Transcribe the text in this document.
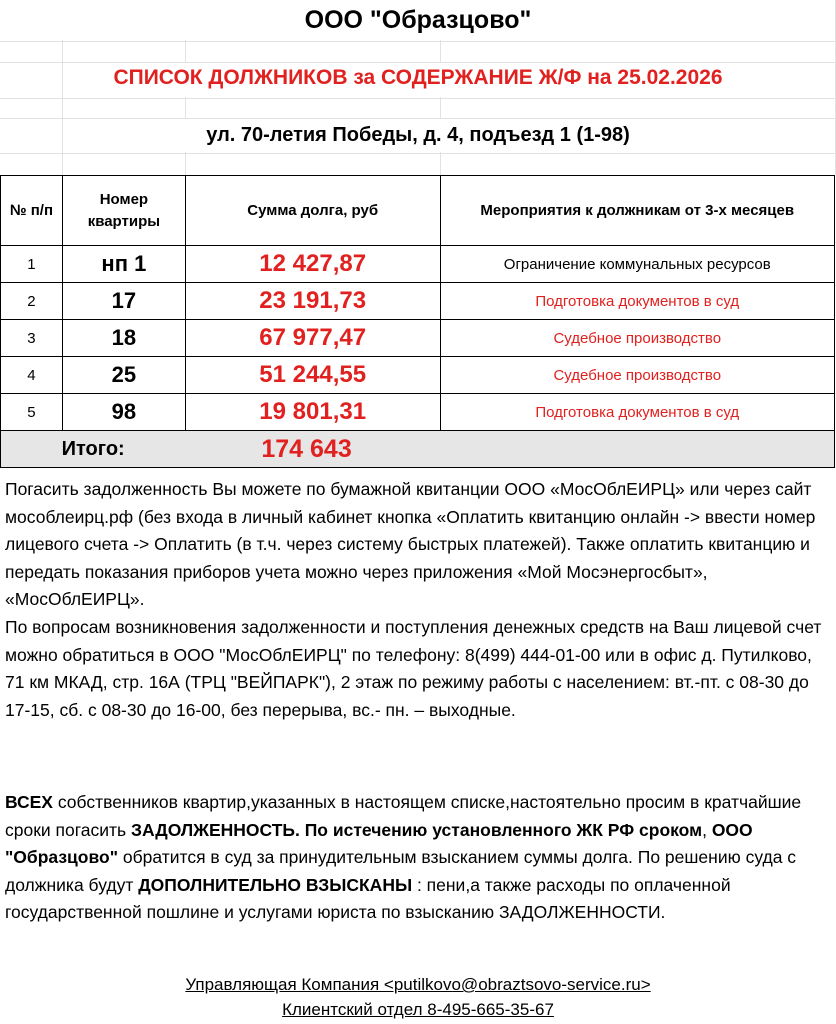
ООО "Образцово"
СПИСОК ДОЛЖНИКОВ за СОДЕРЖАНИЕ Ж/Ф на 25.02.2026
ул. 70-летия Победы, д. 4, подъезд 1 (1-98)
№ п/п	Номер квартиры	Сумма долга, руб	Мероприятия к должникам от 3-х месяцев
1	нп 1	12 427,87	Ограничение коммунальных ресурсов
2	17	23 191,73	Подготовка документов в суд
3	18	67 977,47	Судебное производство
4	25	51 244,55	Судебное производство
5	98	19 801,31	Подготовка документов в суд
Итого:		174 643	
Погасить задолженность Вы можете по бумажной квитанции ООО «МосОблЕИРЦ» или через сайт мособлеирц.рф (без входа в личный кабинет кнопка «Оплатить квитанцию онлайн -> ввести номер лицевого счета -> Оплатить (в т.ч. через систему быстрых платежей). Также оплатить квитанцию и передать показания приборов учета можно через приложения «Мой Мосэнергосбыт», «МосОблЕИРЦ».
По вопросам возникновения задолженности и поступления денежных средств на Ваш лицевой счет можно обратиться в ООО "МосОблЕИРЦ" по телефону: 8(499) 444-01-00 или в офис д. Путилково, 71 км МКАД, стр. 16А (ТРЦ "ВЕЙПАРК"), 2 этаж по режиму работы с населением: вт.-пт. с 08-30 до 17-15, сб. с 08-30 до 16-00, без перерыва, вс.- пн. – выходные.
ВСЕХ собственников квартир,указанных в настоящем списке,настоятельно просим в кратчайшие сроки погасить ЗАДОЛЖЕННОСТЬ. По истечению установленного ЖК РФ сроком, ООО "Образцово" обратится в суд за принудительным взысканием суммы долга. По решению суда с должника будут ДОПОЛНИТЕЛЬНО ВЗЫСКАНЫ : пени,а также расходы по оплаченной государственной пошлине и услугами юриста по взысканию ЗАДОЛЖЕННОСТИ.
Управляющая Компания <putilkovo@obraztsovo-service.ru>
Клиентский отдел 8-495-665-35-67
